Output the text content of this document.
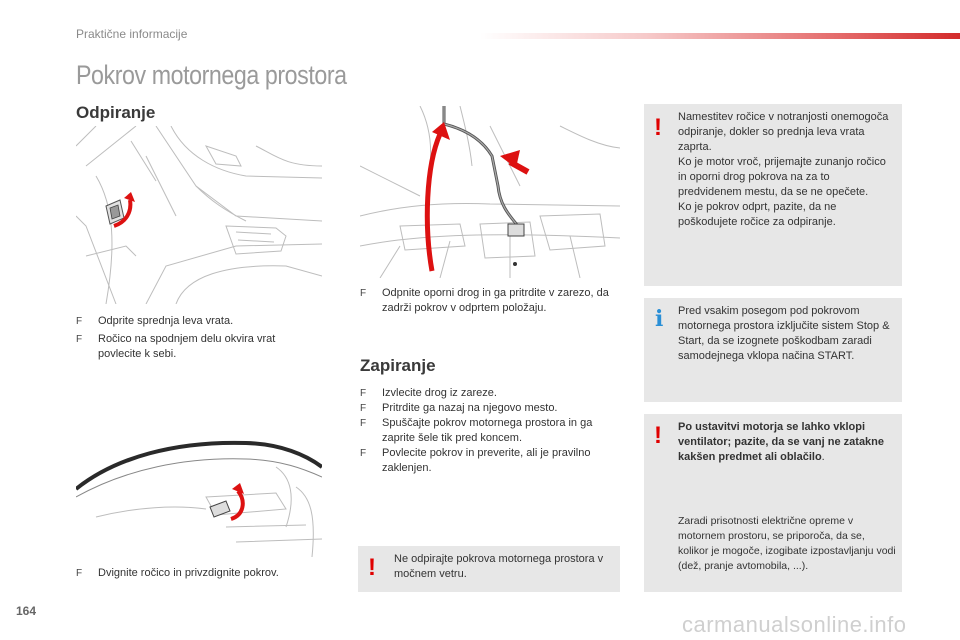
Praktične informacije
Pokrov motornega prostora
Odpiranje
F Odprite sprednja leva vrata.
F Ročico na spodnjem delu okvira vrat povlecite k sebi.
F Dvignite ročico in privzdignite pokrov.
F Odpnite oporni drog in ga pritrdite v zarezo, da zadrži pokrov v odprtem položaju.
Zapiranje
F Izvlecite drog iz zareze.
F Pritrdite ga nazaj na njegovo mesto.
F Spuščajte pokrov motornega prostora in ga zaprite šele tik pred koncem.
F Povlecite pokrov in preverite, ali je pravilno zaklenjen.
! Ne odpirajte pokrova motornega prostora v močnem vetru.
! Namestitev ročice v notranjosti onemogoča odpiranje, dokler so prednja leva vrata zaprta.
Ko je motor vroč, prijemajte zunanjo ročico in oporni drog pokrova na za to predvidenem mestu, da se ne opečete.
Ko je pokrov odprt, pazite, da ne poškodujete ročice za odpiranje.
i Pred vsakim posegom pod pokrovom motornega prostora izključite sistem Stop & Start, da se izognete poškodbam zaradi samodejnega vklopa načina START.
! Po ustavitvi motorja se lahko vklopi ventilator; pazite, da se vanj ne zatakne kakšen predmet ali oblačilo.
Zaradi prisotnosti električne opreme v motornem prostoru, se priporoča, da se, kolikor je mogoče, izogibate izpostavljanju vodi (dež, pranje avtomobila, ...).
164
carmanualsonline.info
